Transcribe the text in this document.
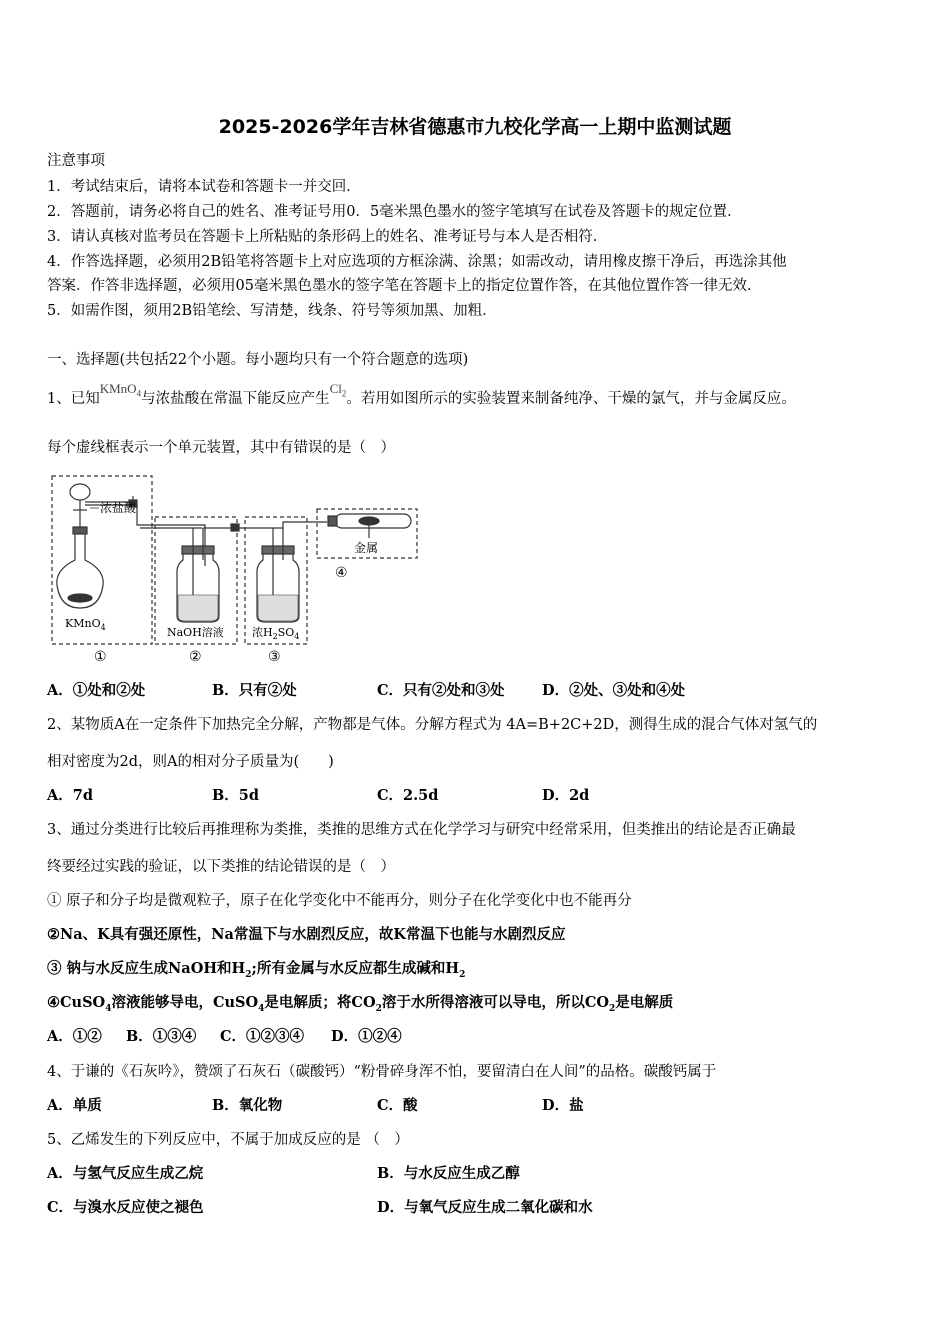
2025-2026学年吉林省德惠市九校化学高一上期中监测试题
注意事项
1．考试结束后，请将本试卷和答题卡一并交回．
2．答题前，请务必将自己的姓名、准考证号用0．5毫米黑色墨水的签字笔填写在试卷及答题卡的规定位置．
3．请认真核对监考员在答题卡上所粘贴的条形码上的姓名、准考证号与本人是否相符．
4．作答选择题，必须用2B铅笔将答题卡上对应选项的方框涂满、涂黑；如需改动，请用橡皮擦干净后，再选涂其他
答案．作答非选择题，必须用05毫米黑色墨水的签字笔在答题卡上的指定位置作答，在其他位置作答一律无效．
5．如需作图，须用2B铅笔绘、写清楚，线条、符号等须加黑、加粗．
一、选择题(共包括22个小题。每小题均只有一个符合题意的选项)
1、已知KMnO$_4$与浓盐酸在常温下能反应产生$Cl_2$。若用如图所示的实验装置来制备纯净、干燥的氯气，并与金属反应。
每个虚线框表示一个单元装置，其中有错误的是（　）
浓盐酸
KMnO$_4$	NaOH溶液	浓$H_2SO_4$
金属
①	②	③
④
A．①处和②处	B．只有②处	C．只有②处和③处	D．②处、③处和④处
2、某物质A在一定条件下加热完全分解，产物都是气体。分解方程式为 4A=B+2C+2D，测得生成的混合气体对氢气的
相对密度为2d，则A的相对分子质量为(　　)
A．7d	B．5d	C．2.5d	D．2d
3、通过分类进行比较后再推理称为类推，类推的思维方式在化学学习与研究中经常采用，但类推出的结论是否正确最
终要经过实践的验证，以下类推的结论错误的是（　）
① 原子和分子均是微观粒子，原子在化学变化中不能再分，则分子在化学变化中也不能再分
②Na、K具有强还原性，Na常温下与水剧烈反应，故K常温下也能与水剧烈反应
③ 钠与水反应生成NaOH和$H_2$;所有金属与水反应都生成碱和$H_2$
④CuSO$_4$溶液能够导电，CuSO$_4$是电解质；将$CO_2$溶于水所得溶液可以导电，所以$CO_2$是电解质
A．①② B．①③④ C．①②③④ D．①②④
4、于谦的《石灰吟》，赞颂了石灰石（碳酸钙）“粉骨碎身浑不怕，要留清白在人间”的品格。碳酸钙属于
A．单质	B．氧化物	C．酸	D．盐
5、乙烯发生的下列反应中，不属于加成反应的是 （　）
A．与氢气反应生成乙烷	B．与水反应生成乙醇
C．与溴水反应使之褪色	D．与氧气反应生成二氧化碳和水
